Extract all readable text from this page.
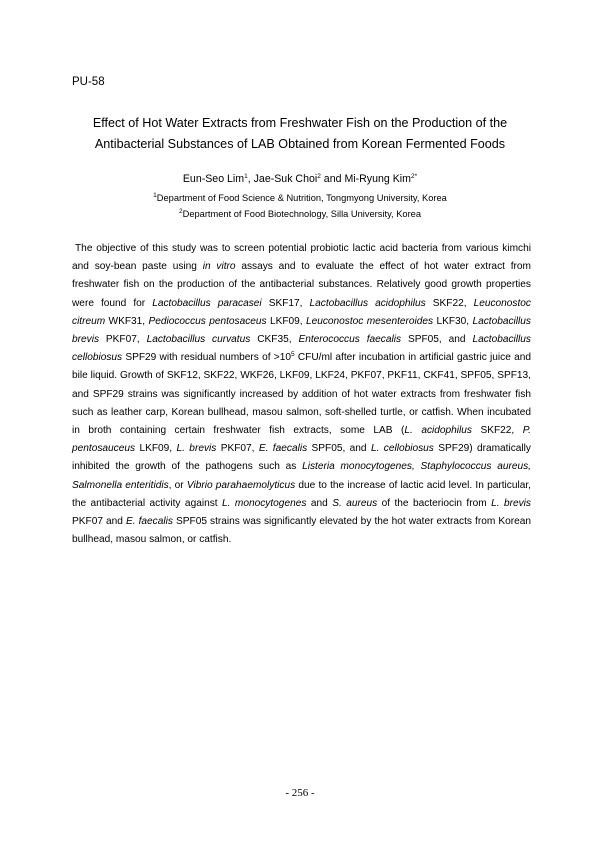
PU-58
Effect of Hot Water Extracts from Freshwater Fish on the Production of the
Antibacterial Substances of LAB Obtained from Korean Fermented Foods
Eun-Seo Lim$^1$, Jae-Suk Choi$^2$ and Mi-Ryung Kim$^{2*}$
$^1$Department of Food Science & Nutrition, Tongmyong University, Korea
$^2$Department of Food Biotechnology, Silla University, Korea
The objective of this study was to screen potential probiotic lactic acid bacteria from various kimchi
and soy-bean paste using in vitro assays and to evaluate the effect of hot water extract from
freshwater fish on the production of the antibacterial substances. Relatively good growth properties
were found for Lactobacillus paracasei SKF17, Lactobacillus acidophilus SKF22, Leuconostoc
citreum WKF31, Pediococcus pentosaceus LKF09, Leuconostoc mesenteroides LKF30, Lactobacillus
brevis PKF07, Lactobacillus curvatus CKF35, Enterococcus faecalis SPF05, and Lactobacillus
cellobiosus SPF29 with residual numbers of $>10^5$ CFU/ml after incubation in artificial gastric juice and
bile liquid. Growth of SKF12, SKF22, WKF26, LKF09, LKF24, PKF07, PKF11, CKF41, SPF05, SPF13,
and SPF29 strains was significantly increased by addition of hot water extracts from freshwater fish
such as leather carp, Korean bullhead, masou salmon, soft-shelled turtle, or catfish. When incubated
in broth containing certain freshwater fish extracts, some LAB (L. acidophilus SKF22, P.
pentosauceus LKF09, L. brevis PKF07, E. faecalis SPF05, and L. cellobiosus SPF29) dramatically
inhibited the growth of the pathogens such as Listeria monocytogenes, Staphylococcus aureus,
Salmonella enteritidis, or Vibrio parahaemolyticus due to the increase of lactic acid level. In particular,
the antibacterial activity against L. monocytogenes and S. aureus of the bacteriocin from L. brevis
PKF07 and E. faecalis SPF05 strains was significantly elevated by the hot water extracts from Korean
bullhead, masou salmon, or catfish.
- 256 -
